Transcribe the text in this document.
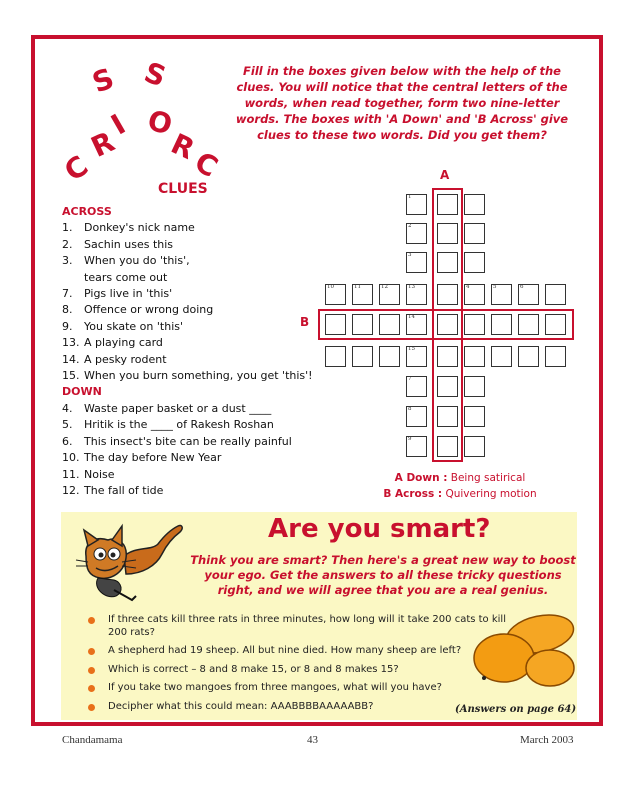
S S
I O
R R
C	C
Fill in the boxes given below with the help of the clues. You will notice that the central letters of the words, when read together, form two nine-letter words. The boxes with 'A Down' and 'B Across' give clues to these two words. Did you get them?
CLUES
ACROSS
1. Donkey's nick name
2. Sachin uses this
3. When you do 'this',
tears come out
7. Pigs live in 'this'
8. Offence or wrong doing
9. You skate on 'this'
13. A playing card
14. A pesky rodent
15. When you burn something, you get 'this'!
DOWN
4. Waste paper basket or a dust ____
5. Hritik is the ____ of Rakesh Roshan
6. This insect's bite can be really painful
10. The day before New Year
11. Noise
12. The fall of tide
1
2
3
7
8
9
10	11	12	13	4	5	6
14
15
A
B
A Down : Being satirical
B Across : Quivering motion
Are you smart?
Think you are smart? Then here's a great new way to boost your ego. Get the answers to all these tricky questions right, and we will agree that you are a real genius.
If three cats kill three rats in three minutes, how long will it take 200 cats to kill 200 rats?
A shepherd had 19 sheep. All but nine died. How many sheep are left?
Which is correct – 8 and 8 make 15, or 8 and 8 makes 15?
If you take two mangoes from three mangoes, what will you have?
Decipher what this could mean: AAABBBBAAAAABB?	(Answers on page 64)
Chandamama	43	March 2003
